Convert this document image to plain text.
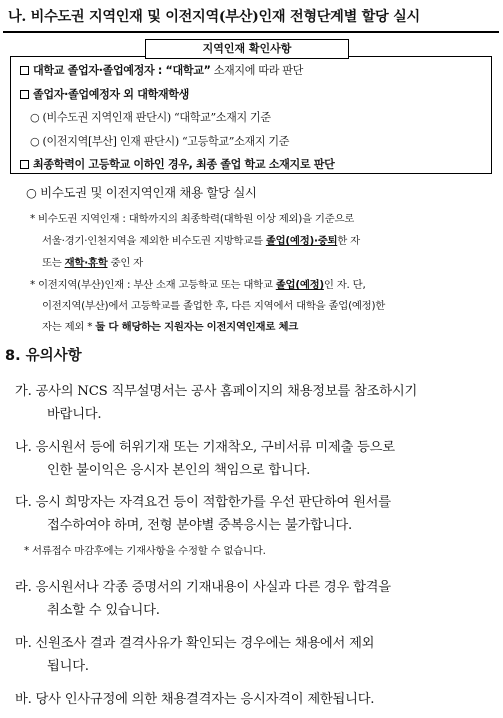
나. 비수도권 지역인재 및 이전지역(부산)인재 전형단계별 할당 실시
지역인재 확인사항
대학교 졸업자·졸업예정자 : “대학교” 소재지에 따라 판단
졸업자·졸업예정자 외 대학재학생
○ (비수도권 지역인재 판단시) “대학교”소재지 기준
○ (이전지역[부산] 인재 판단시) “고등학교”소재지 기준
최종학력이 고등학교 이하인 경우, 최종 졸업 학교 소재지로 판단
○ 비수도권 및 이전지역인재 채용 할당 실시
* 비수도권 지역인재 : 대학까지의 최종학력(대학원 이상 제외)을 기준으로
서울·경기·인천지역을 제외한 비수도권 지방학교를 졸업(예정)·중퇴한 자
또는 재학·휴학 중인 자
* 이전지역(부산)인재 : 부산 소재 고등학교 또는 대학교 졸업(예정)인 자. 단,
이전지역(부산)에서 고등학교를 졸업한 후, 다른 지역에서 대학을 졸업(예정)한
자는 제외 * 둘 다 해당하는 지원자는 이전지역인재로 체크
8. 유의사항
가. 공사의 NCS 직무설명서는 공사 홈페이지의 채용정보를 참조하시기
바랍니다.
나. 응시원서 등에 허위기재 또는 기재착오, 구비서류 미제출 등으로
인한 불이익은 응시자 본인의 책임으로 합니다.
다. 응시 희망자는 자격요건 등이 적합한가를 우선 판단하여 원서를
접수하여야 하며, 전형 분야별 중복응시는 불가합니다.
* 서류접수 마감후에는 기재사항을 수정할 수 없습니다.
라. 응시원서나 각종 증명서의 기재내용이 사실과 다른 경우 합격을
취소할 수 있습니다.
마. 신원조사 결과 결격사유가 확인되는 경우에는 채용에서 제외
됩니다.
바. 당사 인사규정에 의한 채용결격자는 응시자격이 제한됩니다.
